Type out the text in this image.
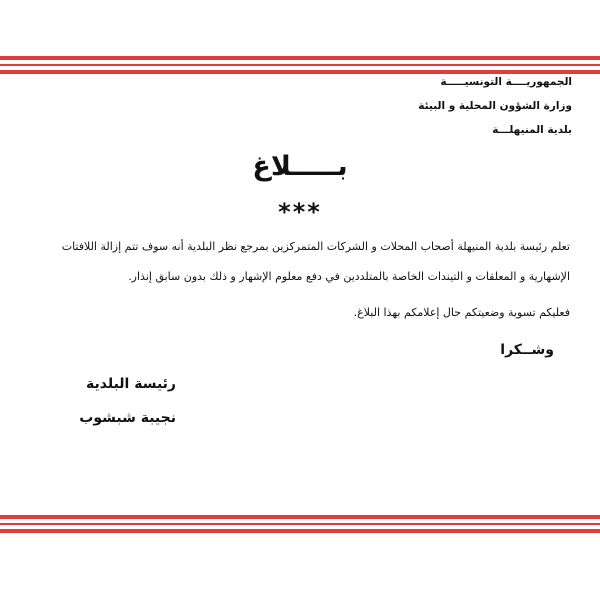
الجمهوريــــة التونسيـــــة
وزارة الشؤون المحلية و البيئة
بلدية المنيهلـــة
بـــــلاغ
***
تعلم رئيسة بلدية المنيهلة أصحاب المحلات و الشركات المتمركزين بمرجع نظر البلدية أنه سوف تتم إزالة اللافتات
الإشهارية و المعلقات و التيندات الخاصة بالمتلددين في دفع معلوم الإشهار و ذلك بدون سابق إنذار.
فعليكم تسوية وضعيتكم حال إعلامكم بهذا البلاغ.
وشــكرا
رئيسة البلدية
نجيبة شبشوب
